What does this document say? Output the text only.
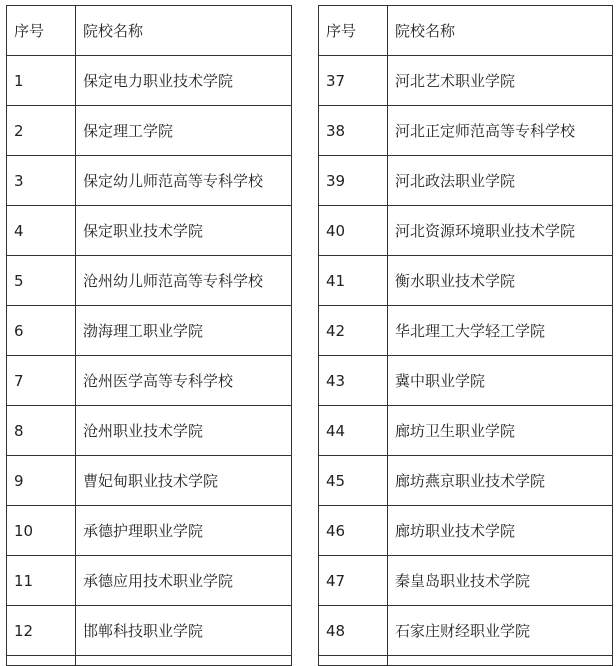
序号	院校名称
1	保定电力职业技术学院
2	保定理工学院
3	保定幼儿师范高等专科学校
4	保定职业技术学院
5	沧州幼儿师范高等专科学校
6	渤海理工职业学院
7	沧州医学高等专科学校
8	沧州职业技术学院
9	曹妃甸职业技术学院
10	承德护理职业学院
11	承德应用技术职业学院
12	邯郸科技职业学院

序号	院校名称
37	河北艺术职业学院
38	河北正定师范高等专科学校
39	河北政法职业学院
40	河北资源环境职业技术学院
41	衡水职业技术学院
42	华北理工大学轻工学院
43	冀中职业学院
44	廊坊卫生职业学院
45	廊坊燕京职业技术学院
46	廊坊职业技术学院
47	秦皇岛职业技术学院
48	石家庄财经职业学院
